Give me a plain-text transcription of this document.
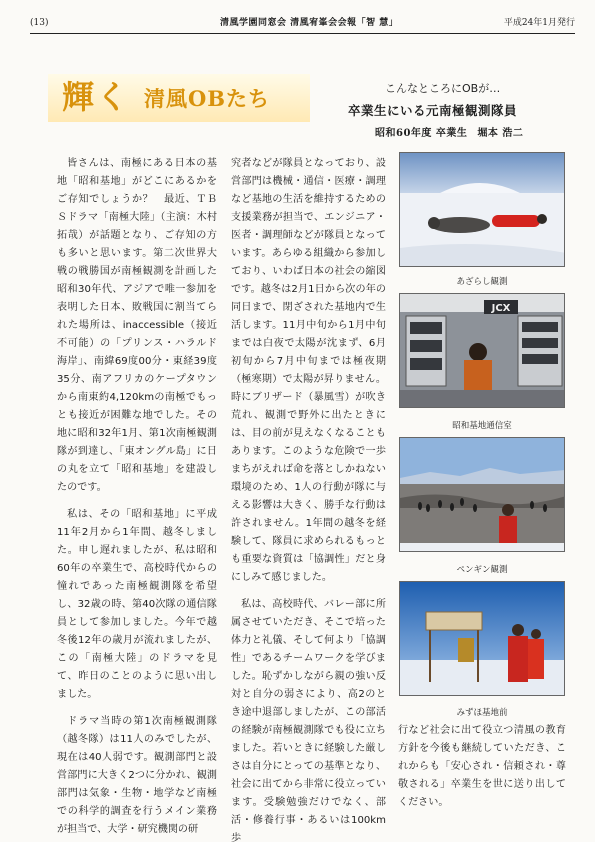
(13)	清風学園同窓会 清風宥峯会会報「智 慧」	平成24年1月発行
輝く 清風OBたち	こんなところにOBが…
卒業生にいる元南極観測隊員
昭和60年度 卒業生 堀本 浩二

皆さんは、南極にある日本の基地「昭和基地」がどこにあるかをご存知でしょうか？　最近、ＴＢＳドラマ「南極大陸」（主演：木村拓哉）が話題となり、ご存知の方も多いと思います。第二次世界大戦の戦勝国が南極観測を計画した昭和30年代、アジアで唯一参加を表明した日本、敗戦国に割当てられた場所は、inaccessible（接近不可能）の「プリンス・ハラルド海岸」、南緯69度00分・東経39度35分、南アフリカのケープタウンから南東約4,120kmの南極でもっとも接近が困難な地でした。その地に昭和32年1月、第1次南極観測隊が到達し、「東オングル島」に日の丸を立て「昭和基地」を建設したのです。

私は、その「昭和基地」に平成11年2月から1年間、越冬しました。申し遅れましたが、私は昭和60年の卒業生で、高校時代からの憧れであった南極観測隊を希望し、32歳の時、第40次隊の通信隊員として参加しました。今年で越冬後12年の歳月が流れましたが、この「南極大陸」のドラマを見て、昨日のことのように思い出しました。

ドラマ当時の第1次南極観測隊（越冬隊）は11人のみでしたが、現在は40人弱です。観測部門と設営部門に大きく2つに分かれ、観測部門は気象・生物・地学など南極での科学的調査を行うメイン業務が担当で、大学・研究機関の研

究者などが隊員となっており、設営部門は機械・通信・医療・調理など基地の生活を維持するための支援業務が担当で、エンジニア・医者・調理師などが隊員となっています。あらゆる組織から参加しており、いわば日本の社会の縮図です。越冬は2月1日から次の年の同日まで、閉ざされた基地内で生活します。11月中旬から1月中旬までは白夜で太陽が沈まず、6月初旬から7月中旬までは極夜期（極寒期）で太陽が昇りません。時にブリザード（暴風雪）が吹き荒れ、観測で野外に出たときには、目の前が見えなくなることもあります。このような危険で一歩まちがえれば命を落としかねない環境のため、1人の行動が隊に与える影響は大きく、勝手な行動は許されません。1年間の越冬を経験して、隊員に求められるもっとも重要な資質は「協調性」だと身にしみて感じました。

私は、高校時代、バレー部に所属させていただき、そこで培った体力と礼儀、そして何より「協調性」であるチームワークを学びました。恥ずかしながら親の強い反対と自分の弱さにより、高2のとき途中退部しましたが、この部活の経験が南極観測隊でも役に立ちました。若いときに経験した厳しさは自分にとっての基準となり、社会に出てから非常に役立っています。受験勉強だけでなく、部活・修養行事・あるいは100km歩

行など社会に出て役立つ清風の教育方針を今後も継続していただき、これからも「安心され・信頼され・尊敬される」卒業生を世に送り出してください。

あざらし観測
JCX
昭和基地通信室
ペンギン観測
みずほ基地前
